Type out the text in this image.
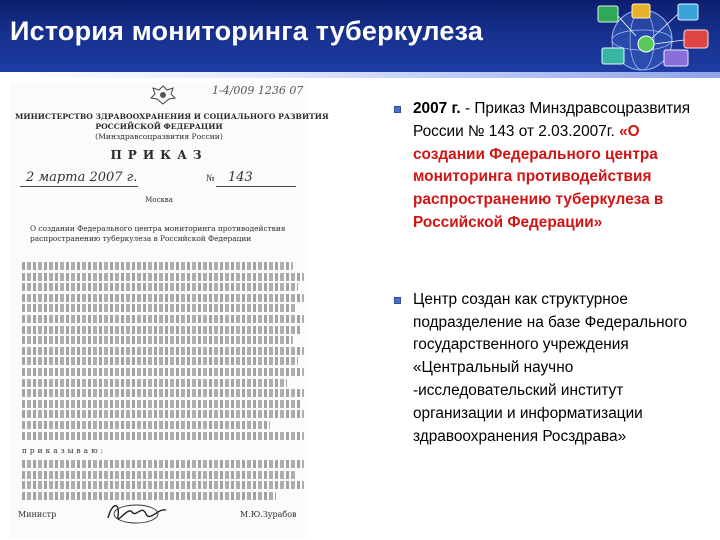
История мониторинга туберкулеза
1-4/009 1236 07
МИНИСТЕРСТВО ЗДРАВООХРАНЕНИЯ И СОЦИАЛЬНОГО РАЗВИТИЯ
РОССИЙСКОЙ ФЕДЕРАЦИИ
(Минздравсоцразвития России)
ПРИКАЗ
2 марта 2007 г.	№ 143
Москва
О создании Федерального центра мониторинга противодействия распространению туберкулеза в Российской Федерации
приказываю:
Министр	М.Ю.Зурабов
2007 г. - Приказ Минздравсоцразвития России № 143 от 2.03.2007г. «О создании Федерального центра мониторинга противодействия распространению туберкулеза в Российской Федерации»
Центр создан как структурное подразделение на базе Федерального государственного учреждения «Центральный научно -исследовательский институт организации и информатизации здравоохранения Росздрава»
